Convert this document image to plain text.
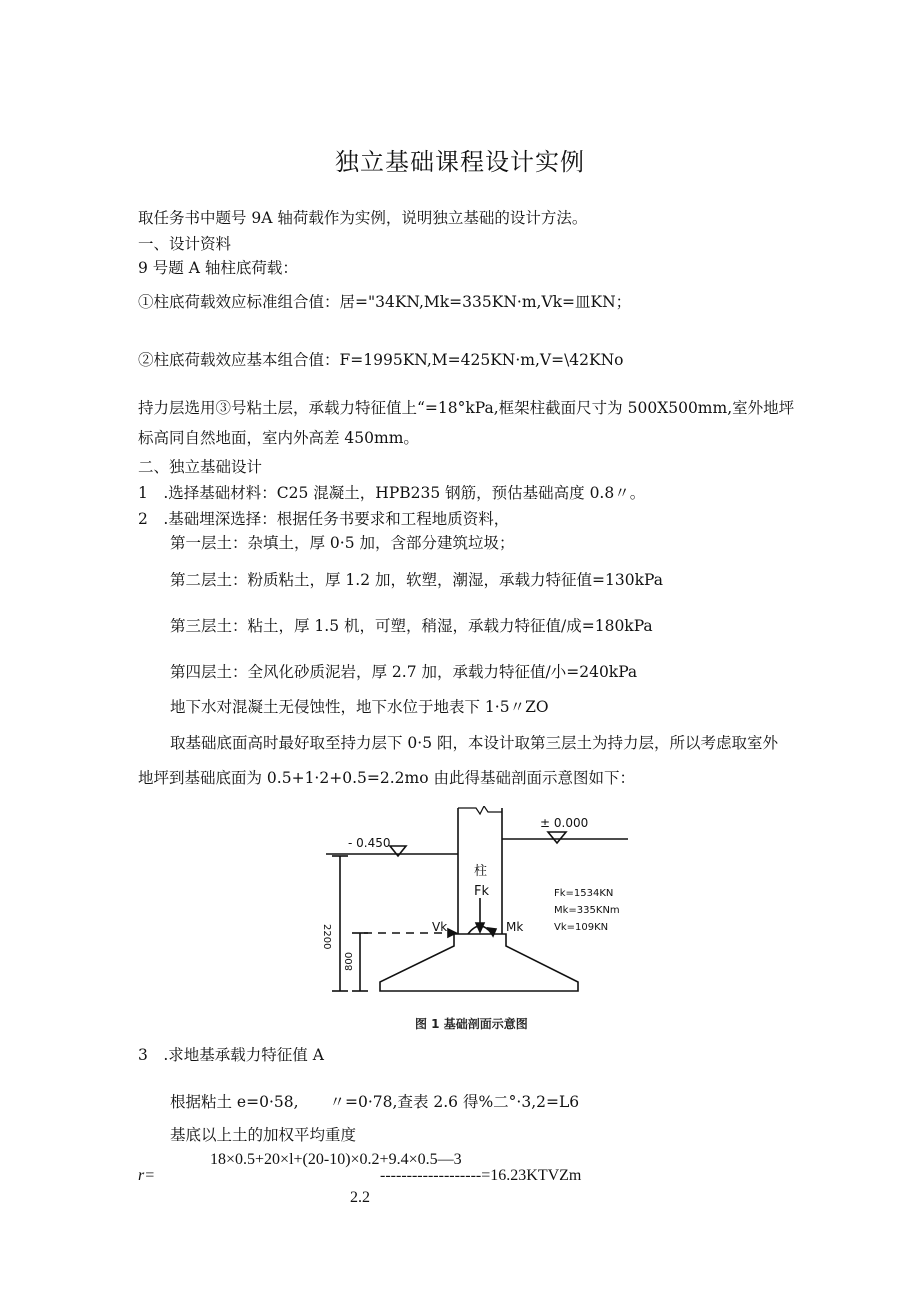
独立基础课程设计实例
取任务书中题号 9A 轴荷载作为实例，说明独立基础的设计方法。
一、设计资料
9 号题 A 轴柱底荷载：
①柱底荷载效应标准组合值：居="34KN,Mk=335KN·m,Vk=皿KN；
②柱底荷载效应基本组合值：F=1995KN,M=425KN·m,V=\42KNo
持力层选用③号粘土层，承载力特征值上“=18°kPa,框架柱截面尺寸为 500X500mm,室外地坪
标高同自然地面，室内外高差 450mm。
二、独立基础设计
1　.选择基础材料：C25 混凝土，HPB235 钢筋，预估基础高度 0.8〃。
2　.基础埋深选择：根据任务书要求和工程地质资料，
第一层土：杂填土，厚 0·5 加，含部分建筑垃圾；
第二层土：粉质粘土，厚 1.2 加，软塑，潮湿，承载力特征值=130kPa
第三层土：粘土，厚 1.5 机，可塑，稍湿，承载力特征值/成=180kPa
第四层土：全风化砂质泥岩，厚 2.7 加，承载力特征值/小=240kPa
地下水对混凝土无侵蚀性，地下水位于地表下 1·5〃ZO
取基础底面高时最好取至持力层下 0·5 阳，本设计取第三层土为持力层，所以考虑取室外
地坪到基础底面为 0.5+1·2+0.5=2.2mo 由此得基础剖面示意图如下：
± 0.000
- 0.450
柱
Fk
Mk
Vk
2200
800
Fk=1534KN
Mk=335KNm
Vk=109KN
图 1 基础剖面示意图
3　.求地基承载力特征值 A
根据粘土 e=0·58,　　〃=0·78,查表 2.6 得%二°·3,2=L6
基底以上土的加权平均重度
18×0.5+20×l+(20-10)×0.2+9.4×0.5—3
r=	-------------------=16.23KTVZm
2.2
